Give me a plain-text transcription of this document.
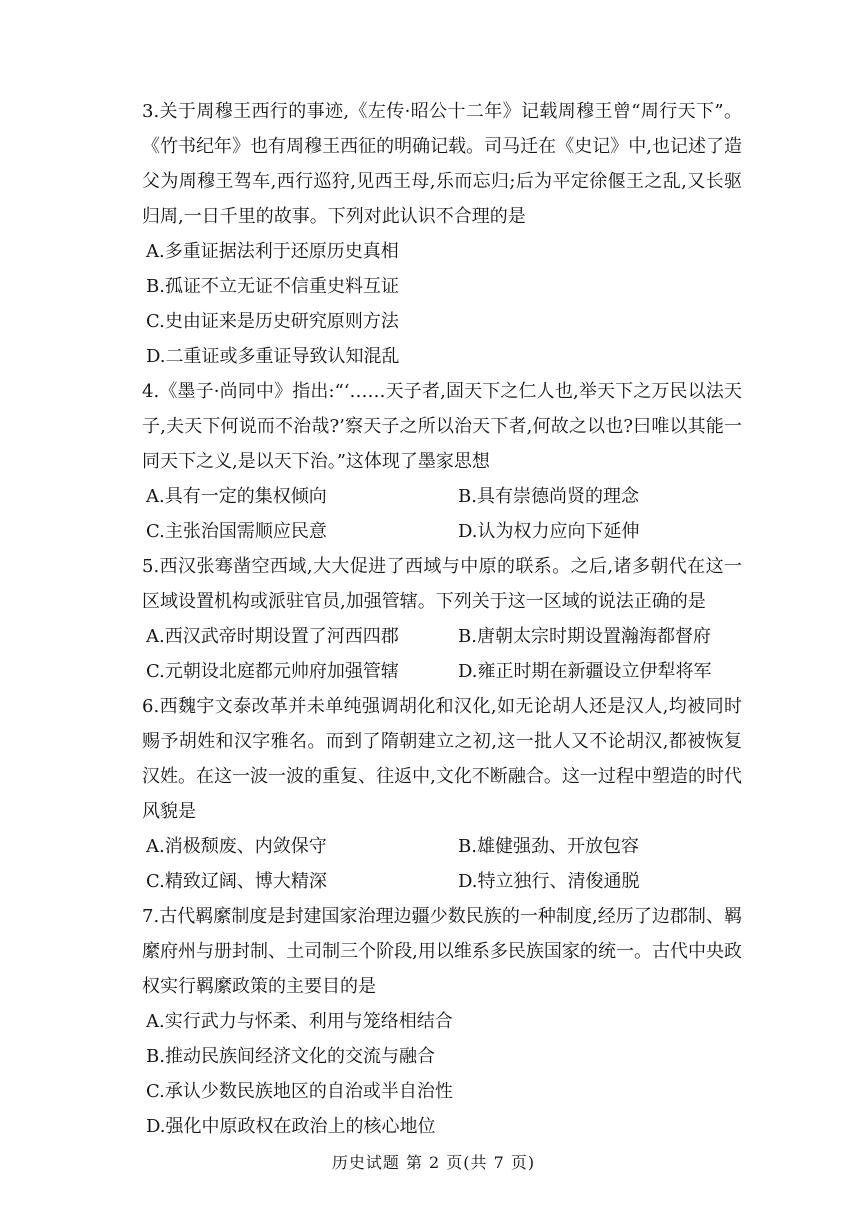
3.关于周穆王西行的事迹,《左传·昭公十二年》记载周穆王曾“周行天下”。《竹书纪年》也有周穆王西征的明确记载。司马迁在《史记》中,也记述了造父为周穆王驾车,西行巡狩,见西王母,乐而忘归;后为平定徐偃王之乱,又长驱归周,一日千里的故事。下列对此认识不合理的是

A.多重证据法利于还原历史真相

B.孤证不立无证不信重史料互证

C.史由证来是历史研究原则方法

D.二重证或多重证导致认知混乱

4.《墨子·尚同中》指出:“‘……天子者,固天下之仁人也,举天下之万民以法天子,夫天下何说而不治哉?’察天子之所以治天下者,何故之以也?曰唯以其能一同天下之义,是以天下治。”这体现了墨家思想

A.具有一定的集权倾向	B.具有崇德尚贤的理念

C.主张治国需顺应民意	D.认为权力应向下延伸

5.西汉张骞凿空西域,大大促进了西域与中原的联系。之后,诸多朝代在这一区域设置机构或派驻官员,加强管辖。下列关于这一区域的说法正确的是

A.西汉武帝时期设置了河西四郡	B.唐朝太宗时期设置瀚海都督府

C.元朝设北庭都元帅府加强管辖	D.雍正时期在新疆设立伊犁将军

6.西魏宇文泰改革并未单纯强调胡化和汉化,如无论胡人还是汉人,均被同时赐予胡姓和汉字雅名。而到了隋朝建立之初,这一批人又不论胡汉,都被恢复汉姓。在这一波一波的重复、往返中,文化不断融合。这一过程中塑造的时代风貌是

A.消极颓废、内敛保守	B.雄健强劲、开放包容

C.精致辽阔、博大精深	D.特立独行、清俊通脱

7.古代羁縻制度是封建国家治理边疆少数民族的一种制度,经历了边郡制、羁縻府州与册封制、土司制三个阶段,用以维系多民族国家的统一。古代中央政权实行羁縻政策的主要目的是

A.实行武力与怀柔、利用与笼络相结合

B.推动民族间经济文化的交流与融合

C.承认少数民族地区的自治或半自治性

D.强化中原政权在政治上的核心地位

历史试题 第 2 页(共 7 页)
